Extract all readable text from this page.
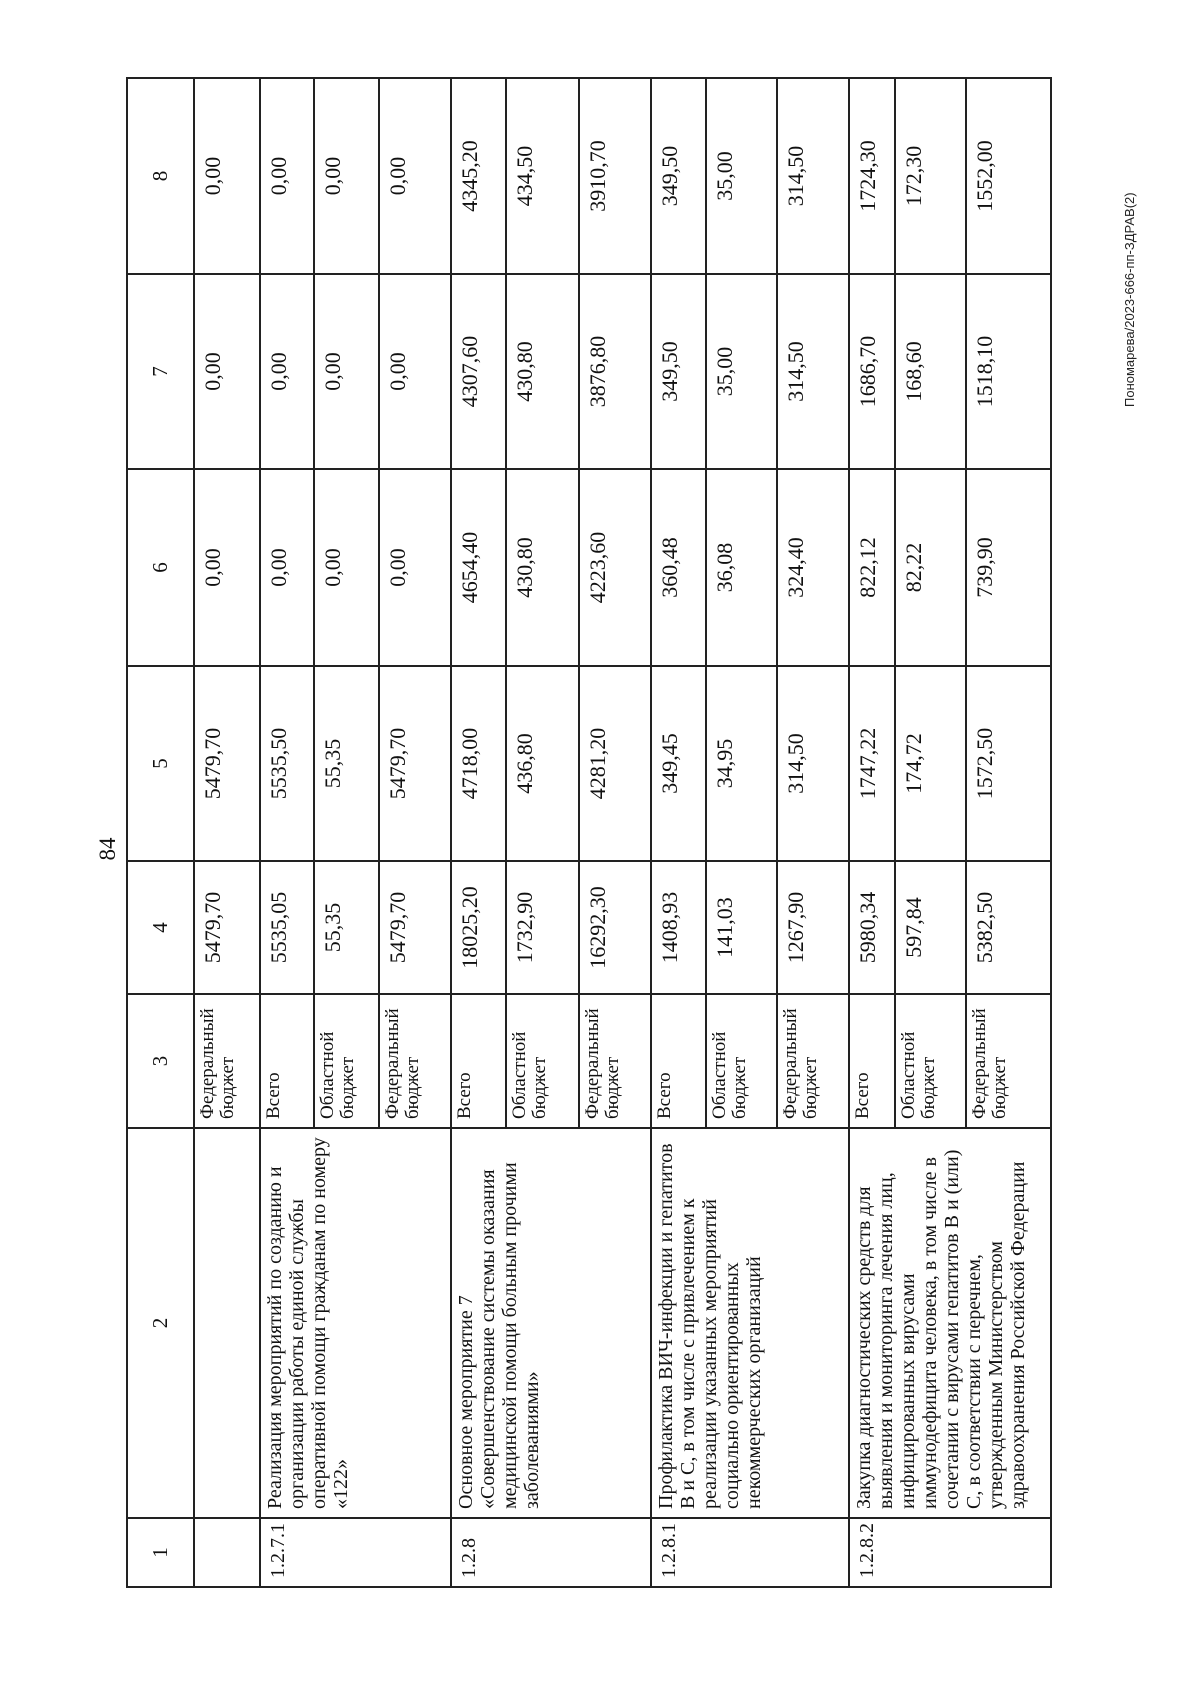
84
1	2	3	4	5	6	7	8
		Федеральный бюджет	5479,70	5479,70	0,00	0,00	0,00
1.2.7.1	Реализация мероприятий по созданию и организации работы единой службы оперативной помощи гражданам по номеру «122»	Всего	5535,05	5535,50	0,00	0,00	0,00
		Областной бюджет	55,35	55,35	0,00	0,00	0,00
		Федеральный бюджет	5479,70	5479,70	0,00	0,00	0,00
1.2.8	Основное мероприятие 7 «Совершенствование системы оказания медицинской помощи больным прочими заболеваниями»	Всего	18025,20	4718,00	4654,40	4307,60	4345,20
		Областной бюджет	1732,90	436,80	430,80	430,80	434,50
		Федеральный бюджет	16292,30	4281,20	4223,60	3876,80	3910,70
1.2.8.1	Профилактика ВИЧ-инфекции и гепатитов В и С, в том числе с привлечением к реализации указанных мероприятий социально ориентированных некоммерческих организаций	Всего	1408,93	349,45	360,48	349,50	349,50
		Областной бюджет	141,03	34,95	36,08	35,00	35,00
		Федеральный бюджет	1267,90	314,50	324,40	314,50	314,50
1.2.8.2	Закупка диагностических средств для выявления и мониторинга лечения лиц, инфицированных вирусами иммунодефицита человека, в том числе в сочетании с вирусами гепатитов В и (или) С, в соответствии с перечнем, утвержденным Министерством здравоохранения Российской Федерации	Всего	5980,34	1747,22	822,12	1686,70	1724,30
		Областной бюджет	597,84	174,72	82,22	168,60	172,30
		Федеральный бюджет	5382,50	1572,50	739,90	1518,10	1552,00
Пономарева/2023-666-пп-ЗДРАВ(2)
